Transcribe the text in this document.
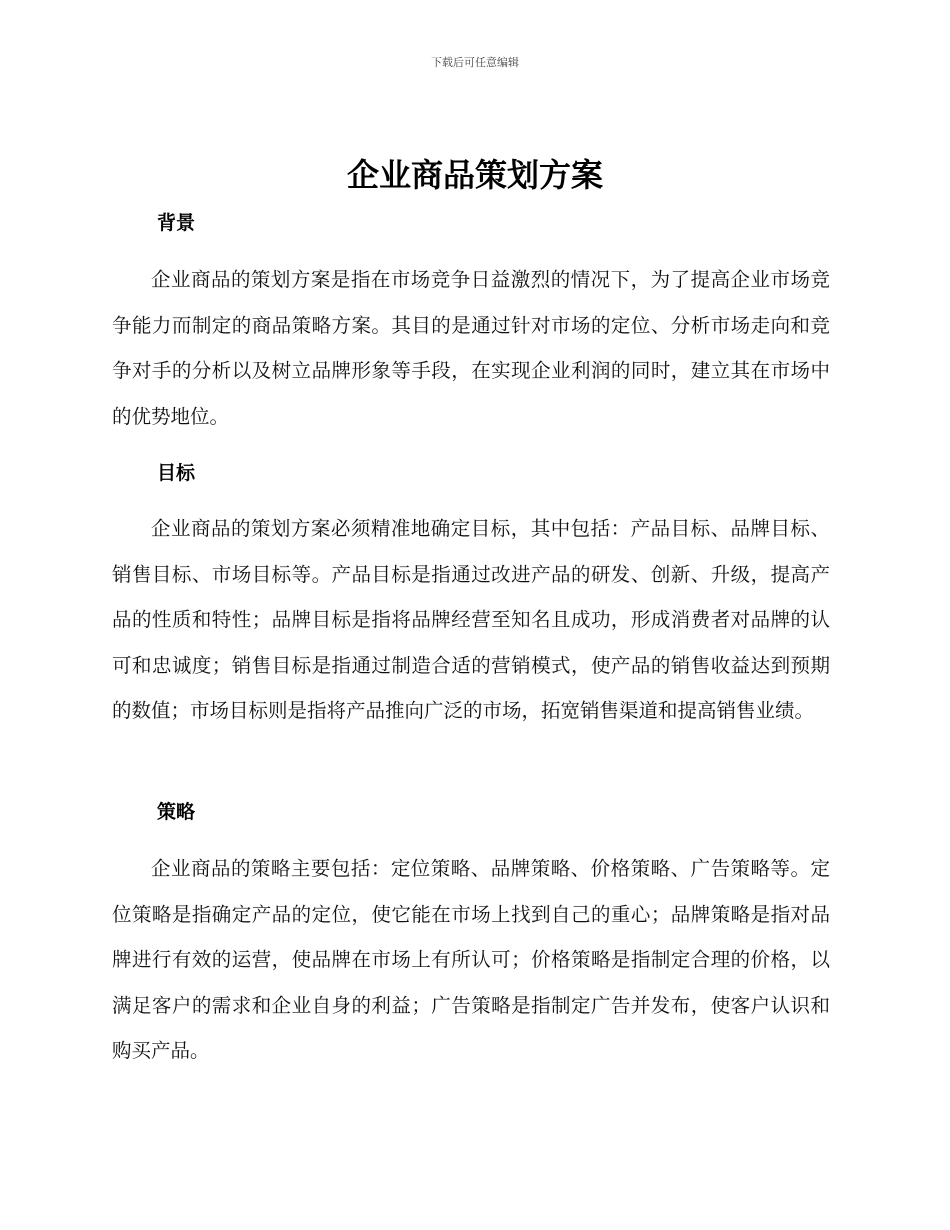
下载后可任意编辑
企业商品策划方案
背景

企业商品的策划方案是指在市场竞争日益激烈的情况下，为了提高企业市场竞争能力而制定的商品策略方案。其目的是通过针对市场的定位、分析市场走向和竞争对手的分析以及树立品牌形象等手段，在实现企业利润的同时，建立其在市场中的优势地位。

目标

企业商品的策划方案必须精准地确定目标，其中包括：产品目标、品牌目标、销售目标、市场目标等。产品目标是指通过改进产品的研发、创新、升级，提高产品的性质和特性；品牌目标是指将品牌经营至知名且成功，形成消费者对品牌的认可和忠诚度；销售目标是指通过制造合适的营销模式，使产品的销售收益达到预期的数值；市场目标则是指将产品推向广泛的市场，拓宽销售渠道和提高销售业绩。

策略

企业商品的策略主要包括：定位策略、品牌策略、价格策略、广告策略等。定位策略是指确定产品的定位，使它能在市场上找到自己的重心；品牌策略是指对品牌进行有效的运营，使品牌在市场上有所认可；价格策略是指制定合理的价格，以满足客户的需求和企业自身的利益；广告策略是指制定广告并发布，使客户认识和购买产品。
